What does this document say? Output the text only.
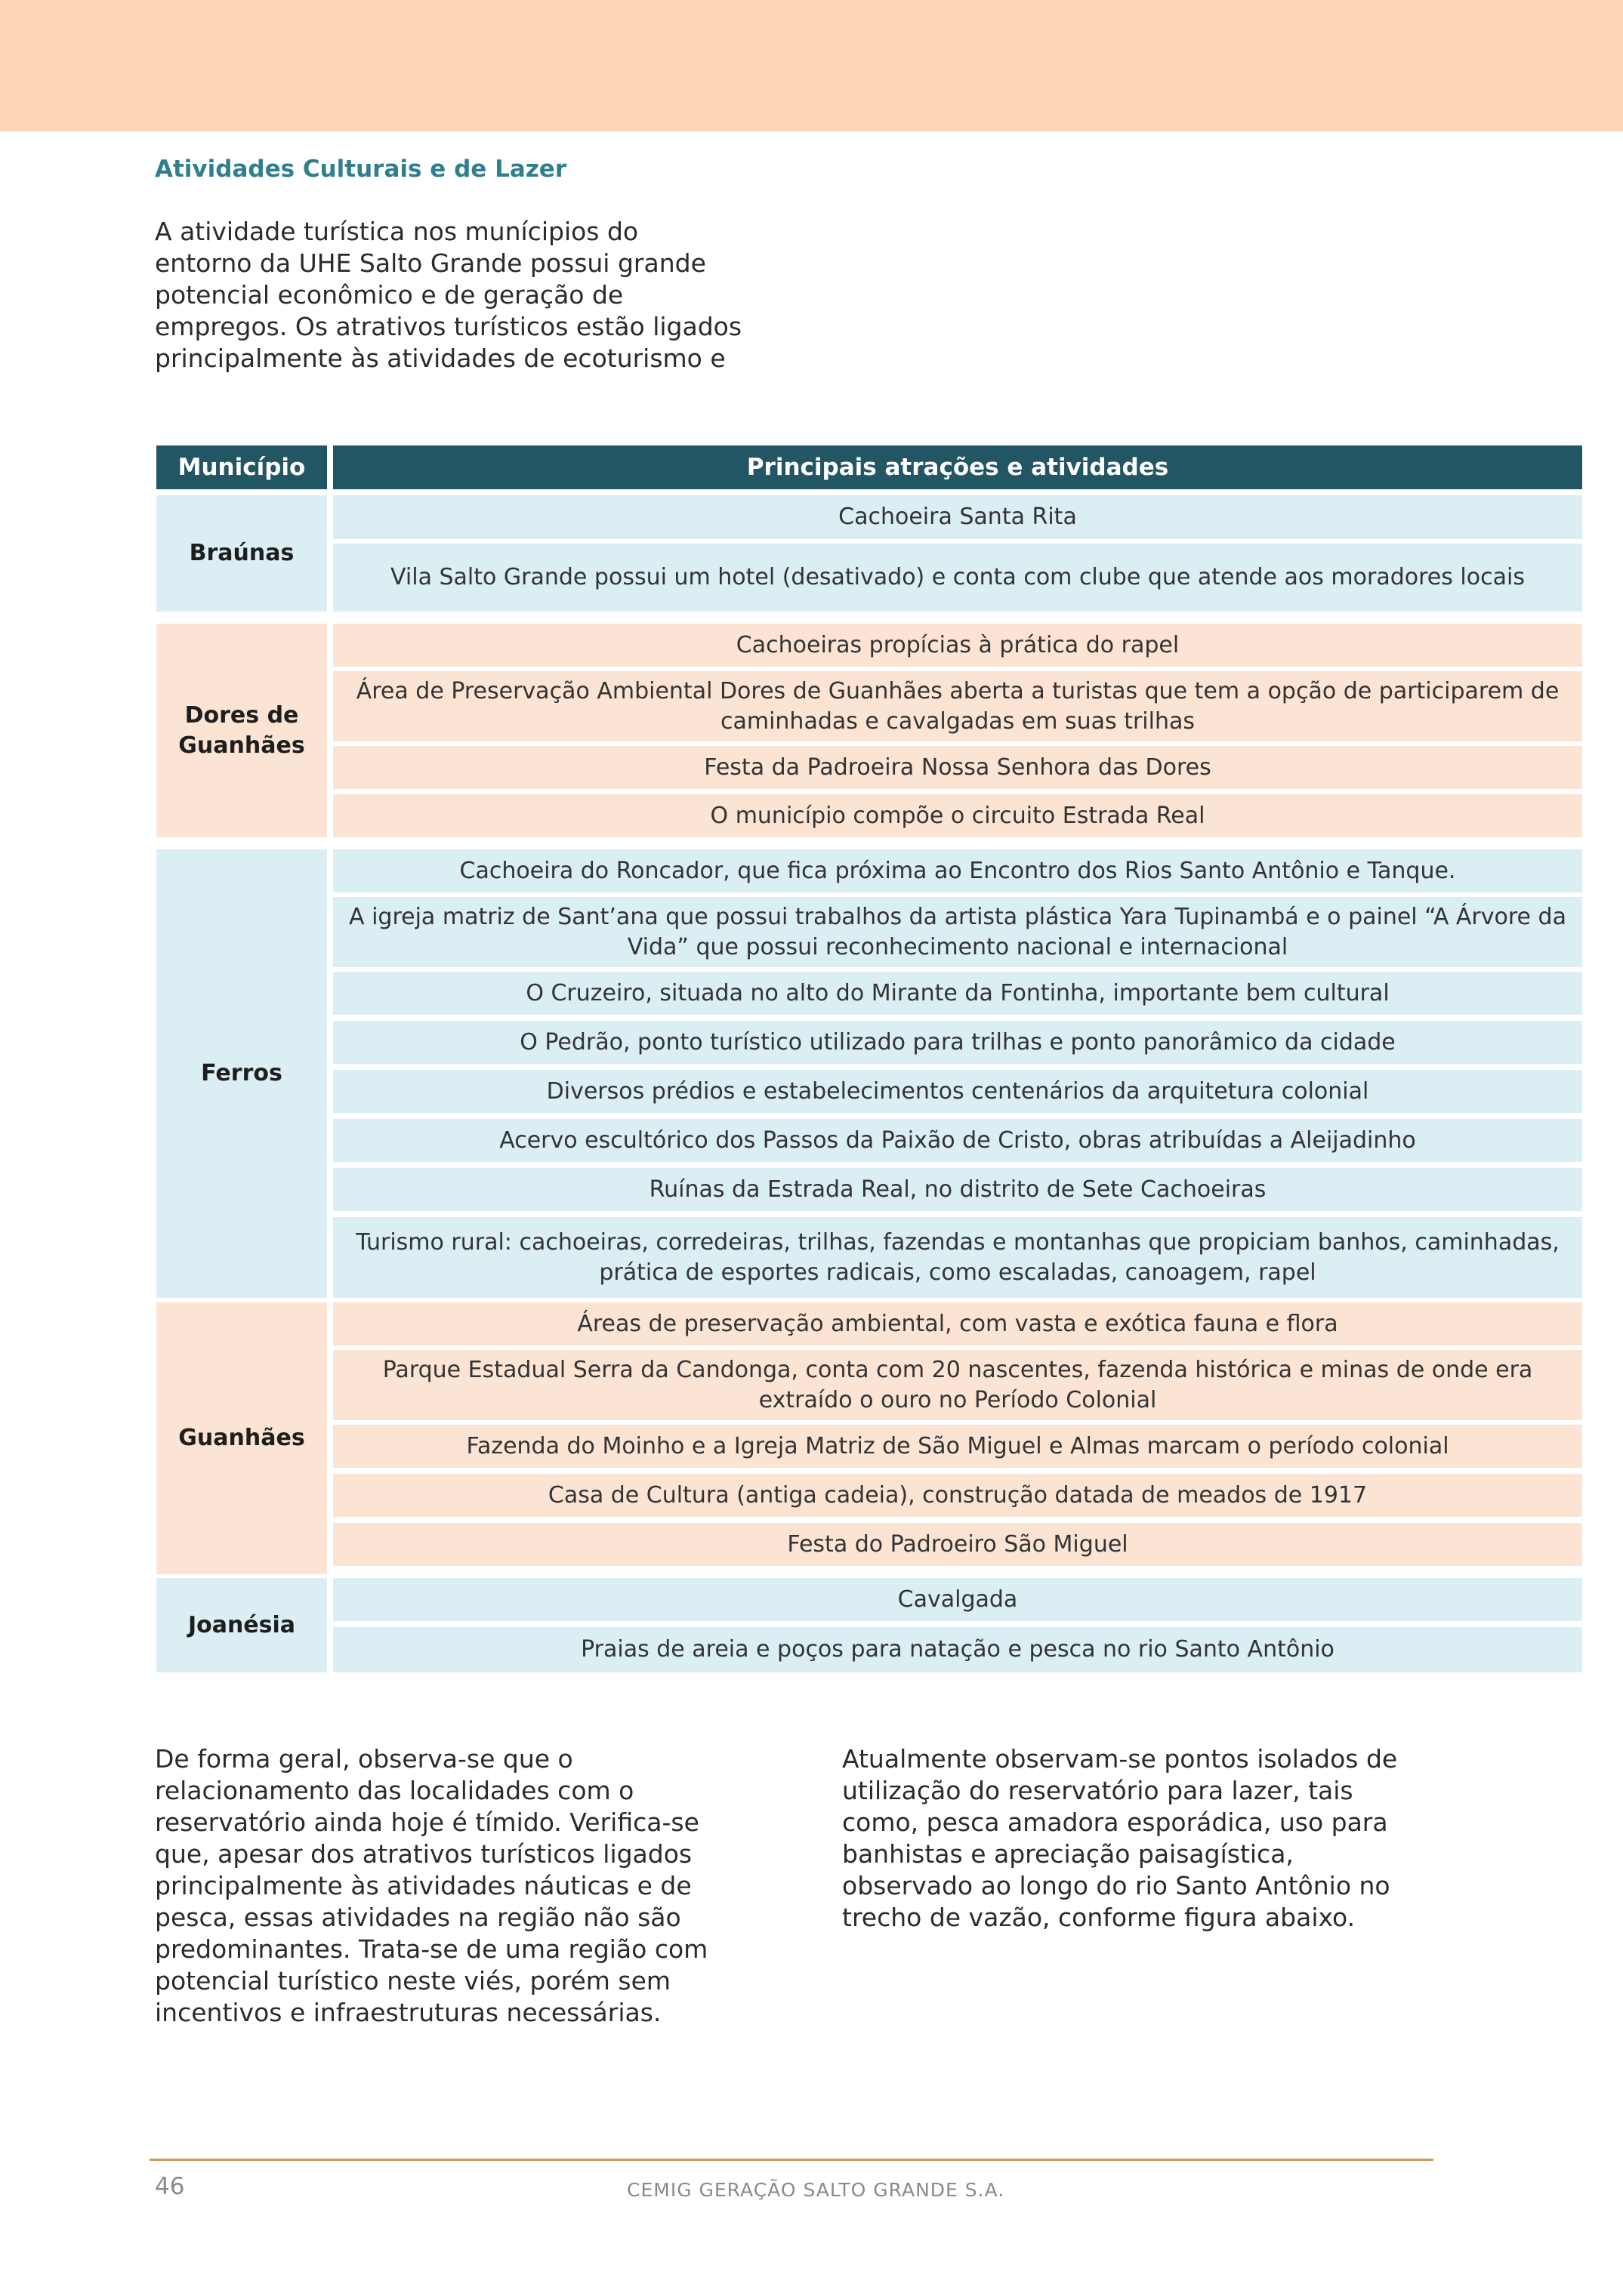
Atividades Culturais e de Lazer
A atividade turística nos munícipios do
entorno da UHE Salto Grande possui grande
potencial econômico e de geração de
empregos. Os atrativos turísticos estão ligados
principalmente às atividades de ecoturismo e
Município	Principais atrações e atividades
Braúnas
Cachoeira Santa Rita
Vila Salto Grande possui um hotel (desativado) e conta com clube que atende aos moradores locais
Dores de Guanhães
Cachoeiras propícias à prática do rapel
Área de Preservação Ambiental Dores de Guanhães aberta a turistas que tem a opção de participarem de caminhadas e cavalgadas em suas trilhas
Festa da Padroeira Nossa Senhora das Dores
O município compõe o circuito Estrada Real
Ferros
Cachoeira do Roncador, que fica próxima ao Encontro dos Rios Santo Antônio e Tanque.
A igreja matriz de Sant’ana que possui trabalhos da artista plástica Yara Tupinambá e o painel “A Árvore da Vida” que possui reconhecimento nacional e internacional
O Cruzeiro, situada no alto do Mirante da Fontinha, importante bem cultural
O Pedrão, ponto turístico utilizado para trilhas e ponto panorâmico da cidade
Diversos prédios e estabelecimentos centenários da arquitetura colonial
Acervo escultórico dos Passos da Paixão de Cristo, obras atribuídas a Aleijadinho
Ruínas da Estrada Real, no distrito de Sete Cachoeiras
Turismo rural: cachoeiras, corredeiras, trilhas, fazendas e montanhas que propiciam banhos, caminhadas, prática de esportes radicais, como escaladas, canoagem, rapel
Guanhães
Áreas de preservação ambiental, com vasta e exótica fauna e flora
Parque Estadual Serra da Candonga, conta com 20 nascentes, fazenda histórica e minas de onde era extraído o ouro no Período Colonial
Fazenda do Moinho e a Igreja Matriz de São Miguel e Almas marcam o período colonial
Casa de Cultura (antiga cadeia), construção datada de meados de 1917
Festa do Padroeiro São Miguel
Joanésia
Cavalgada
Praias de areia e poços para natação e pesca no rio Santo Antônio
De forma geral, observa-se que o
relacionamento das localidades com o
reservatório ainda hoje é tímido. Verifica-se
que, apesar dos atrativos turísticos ligados
principalmente às atividades náuticas e de
pesca, essas atividades na região não são
predominantes. Trata-se de uma região com
potencial turístico neste viés, porém sem
incentivos e infraestruturas necessárias.
Atualmente observam-se pontos isolados de
utilização do reservatório para lazer, tais
como, pesca amadora esporádica, uso para
banhistas e apreciação paisagística,
observado ao longo do rio Santo Antônio no
trecho de vazão, conforme figura abaixo.
46	CEMIG GERAÇÃO SALTO GRANDE S.A.
